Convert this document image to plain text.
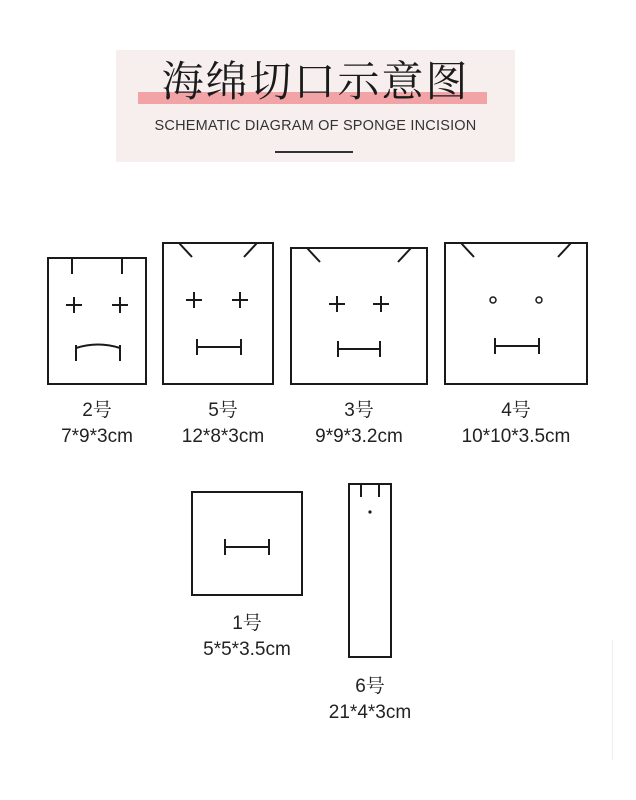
海绵切口示意图
SCHEMATIC DIAGRAM OF SPONGE INCISION
2号
7*9*3cm
5号
12*8*3cm
3号
9*9*3.2cm
4号
10*10*3.5cm
1号
5*5*3.5cm
6号
21*4*3cm
